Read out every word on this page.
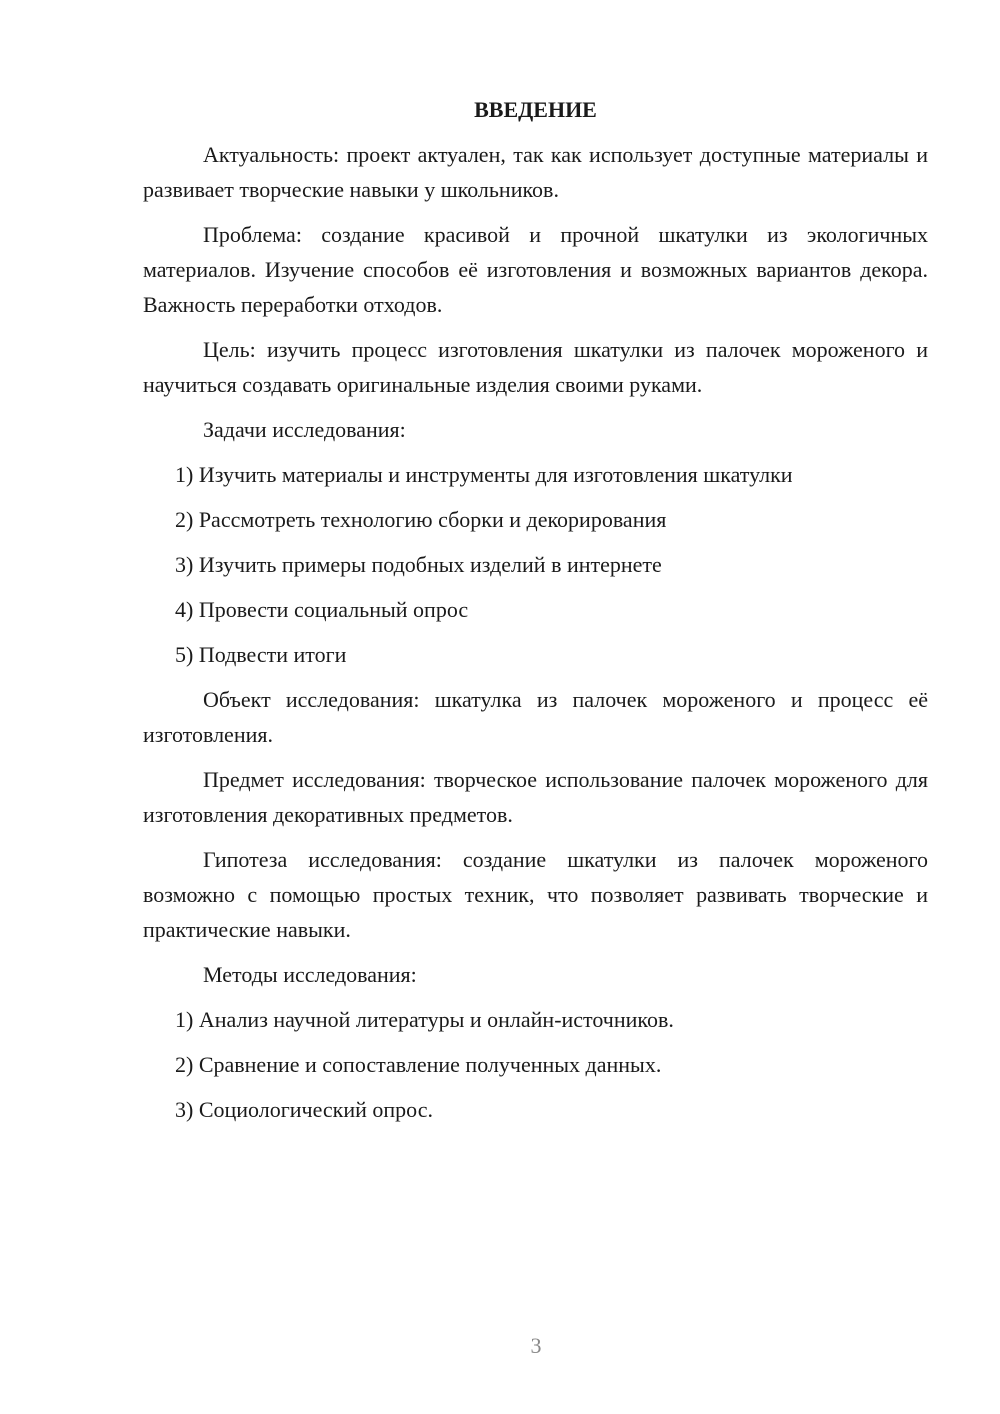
ВВЕДЕНИЕ

Актуальность: проект актуален, так как использует доступные материалы и развивает творческие навыки у школьников.

Проблема: создание красивой и прочной шкатулки из экологичных материалов. Изучение способов её изготовления и возможных вариантов декора. Важность переработки отходов.

Цель: изучить процесс изготовления шкатулки из палочек мороженого и научиться создавать оригинальные изделия своими руками.

Задачи исследования:
1) Изучить материалы и инструменты для изготовления шкатулки
2) Рассмотреть технологию сборки и декорирования
3) Изучить примеры подобных изделий в интернете
4) Провести социальный опрос
5) Подвести итоги

Объект исследования: шкатулка из палочек мороженого и процесс её изготовления.

Предмет исследования: творческое использование палочек мороженого для изготовления декоративных предметов.

Гипотеза исследования: создание шкатулки из палочек мороженого возможно с помощью простых техник, что позволяет развивать творческие и практические навыки.

Методы исследования:
1) Анализ научной литературы и онлайн-источников.
2) Сравнение и сопоставление полученных данных.
3) Социологический опрос.
3
